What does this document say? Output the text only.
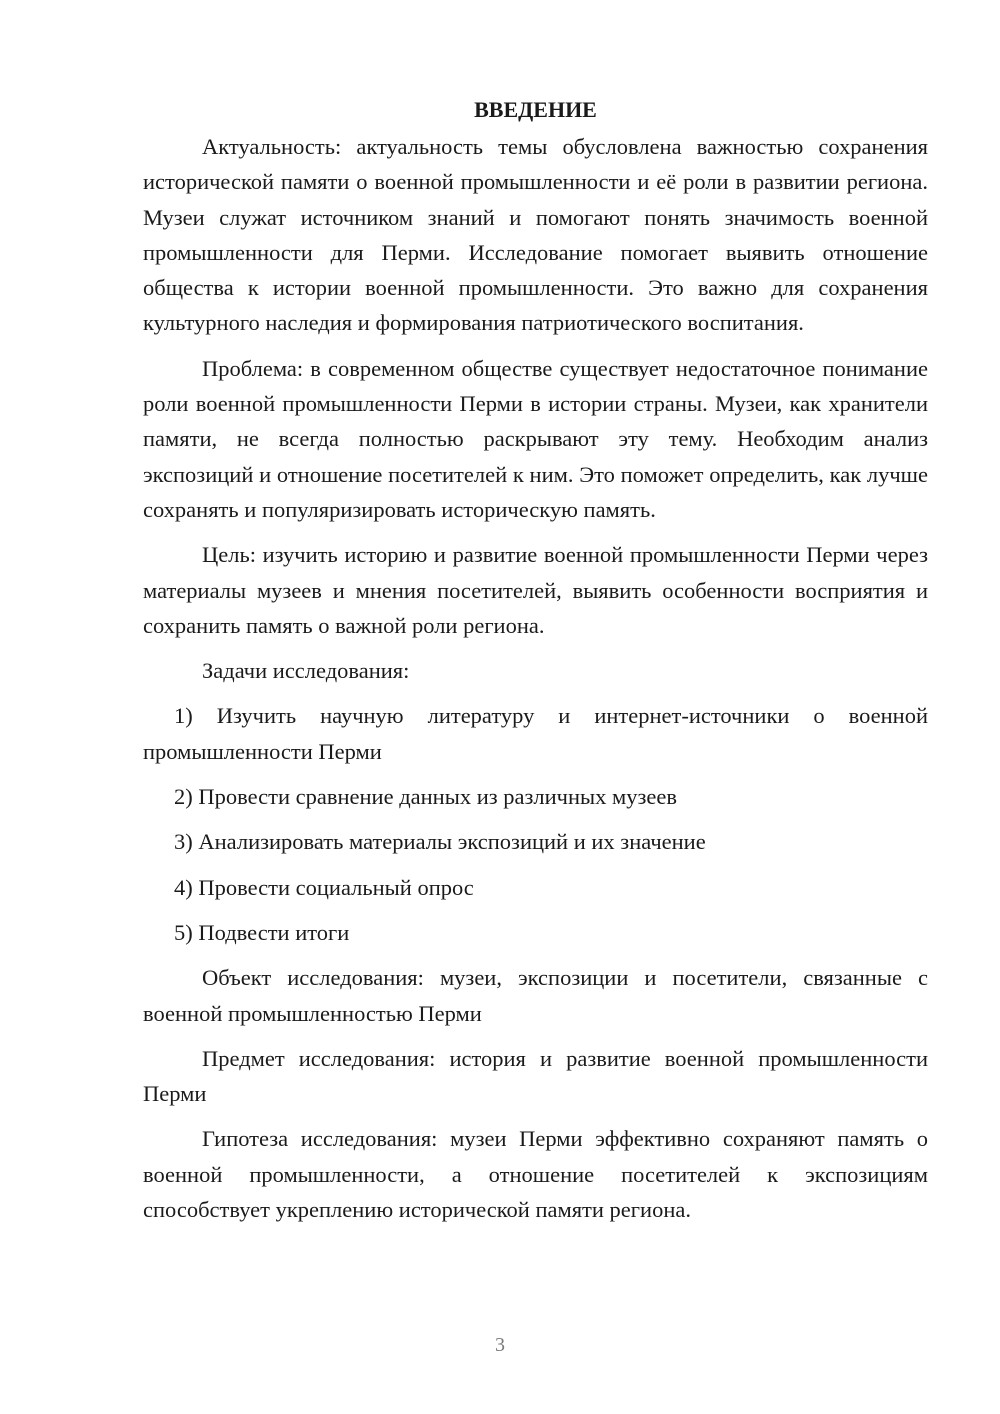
ВВЕДЕНИЕ

Актуальность: актуальность темы обусловлена важностью сохранения исторической памяти о военной промышленности и её роли в развитии региона. Музеи служат источником знаний и помогают понять значимость военной промышленности для Перми. Исследование помогает выявить отношение общества к истории военной промышленности. Это важно для сохранения культурного наследия и формирования патриотического воспитания.

Проблема: в современном обществе существует недостаточное понимание роли военной промышленности Перми в истории страны. Музеи, как хранители памяти, не всегда полностью раскрывают эту тему. Необходим анализ экспозиций и отношение посетителей к ним. Это поможет определить, как лучше сохранять и популяризировать историческую память.

Цель: изучить историю и развитие военной промышленности Перми через материалы музеев и мнения посетителей, выявить особенности восприятия и сохранить память о важной роли региона.

Задачи исследования:

1) Изучить научную литературу и интернет-источники о военной промышленности Перми

2) Провести сравнение данных из различных музеев

3) Анализировать материалы экспозиций и их значение

4) Провести социальный опрос

5) Подвести итоги

Объект исследования: музеи, экспозиции и посетители, связанные с военной промышленностью Перми

Предмет исследования: история и развитие военной промышленности Перми

Гипотеза исследования: музеи Перми эффективно сохраняют память о военной промышленности, а отношение посетителей к экспозициям способствует укреплению исторической памяти региона.

3
